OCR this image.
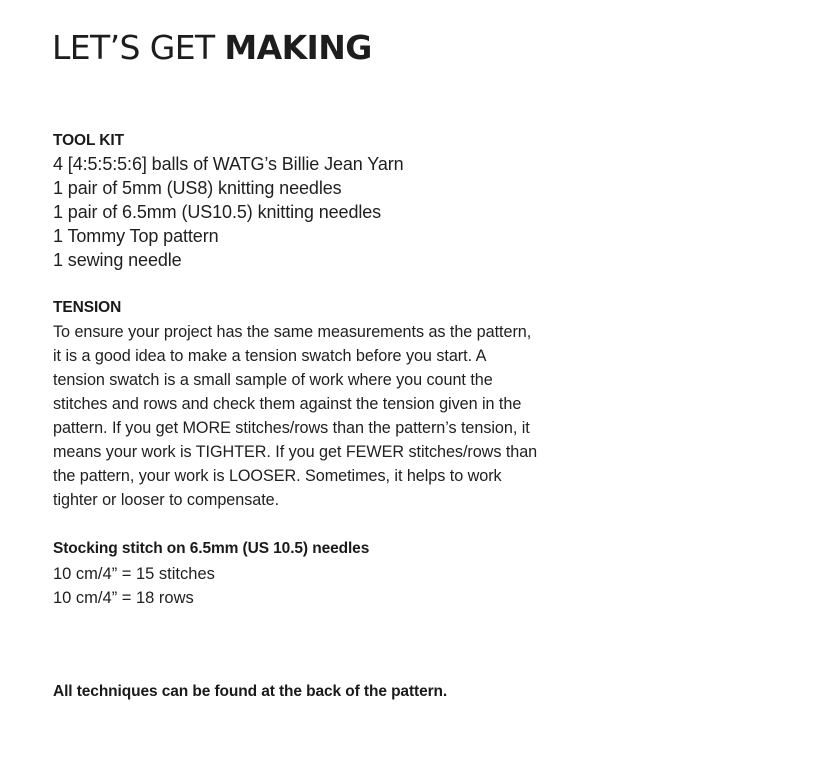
LET’S GET MAKING

TOOL KIT

4 [4:5:5:5:6] balls of WATG’s Billie Jean Yarn

1 pair of 5mm (US8) knitting needles

1 pair of 6.5mm (US10.5) knitting needles

1 Tommy Top pattern

1 sewing needle

TENSION

To ensure your project has the same measurements as the pattern,

it is a good idea to make a tension swatch before you start. A

tension swatch is a small sample of work where you count the

stitches and rows and check them against the tension given in the

pattern. If you get MORE stitches/rows than the pattern’s tension, it

means your work is TIGHTER. If you get FEWER stitches/rows than

the pattern, your work is LOOSER. Sometimes, it helps to work

tighter or looser to compensate.

Stocking stitch on 6.5mm (US 10.5) needles

10 cm/4” = 15 stitches

10 cm/4” = 18 rows

All techniques can be found at the back of the pattern.
